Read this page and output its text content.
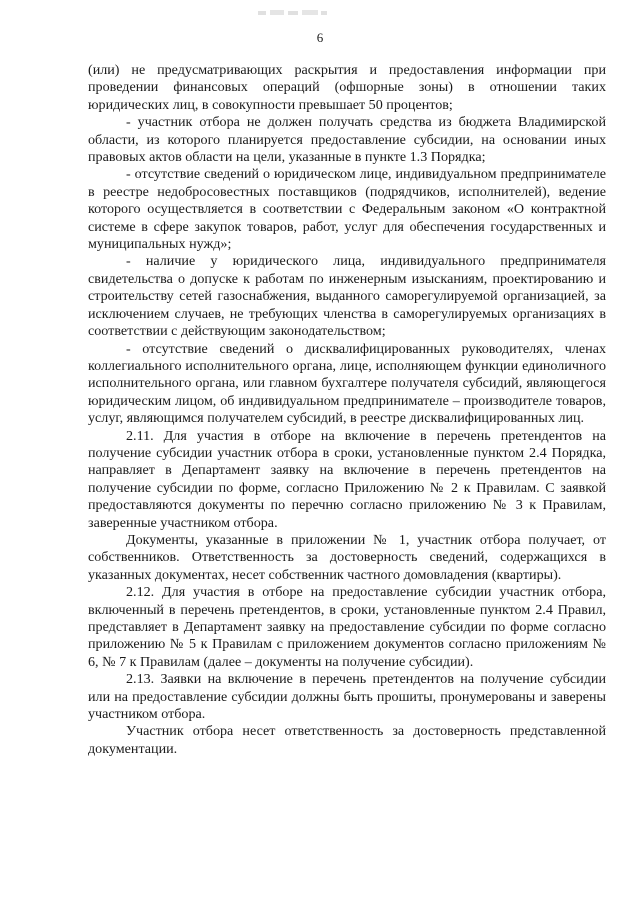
6

(или) не предусматривающих раскрытия и предоставления информации при проведении финансовых операций (офшорные зоны) в отношении таких юридических лиц, в совокупности превышает 50 процентов;

- участник отбора не должен получать средства из бюджета Владимирской области, из которого планируется предоставление субсидии, на основании иных правовых актов области на цели, указанные в пункте 1.3 Порядка;

- отсутствие сведений о юридическом лице, индивидуальном предпринимателе в реестре недобросовестных поставщиков (подрядчиков, исполнителей), ведение которого осуществляется в соответствии с Федеральным законом «О контрактной системе в сфере закупок товаров, работ, услуг для обеспечения государственных и муниципальных нужд»;

- наличие у юридического лица, индивидуального предпринимателя свидетельства о допуске к работам по инженерным изысканиям, проектированию и строительству сетей газоснабжения, выданного саморегулируемой организацией, за исключением случаев, не требующих членства в саморегулируемых организациях в соответствии с действующим законодательством;

- отсутствие сведений о дисквалифицированных руководителях, членах коллегиального исполнительного органа, лице, исполняющем функции единоличного исполнительного органа, или главном бухгалтере получателя субсидий, являющегося юридическим лицом, об индивидуальном предпринимателе – производителе товаров, услуг, являющимся получателем субсидий, в реестре дисквалифицированных лиц.

2.11. Для участия в отборе на включение в перечень претендентов на получение субсидии участник отбора в сроки, установленные пунктом 2.4 Порядка, направляет в Департамент заявку на включение в перечень претендентов на получение субсидии по форме, согласно Приложению № 2 к Правилам. С заявкой предоставляются документы по перечню согласно приложению № 3 к Правилам, заверенные участником отбора.

Документы, указанные в приложении № 1, участник отбора получает, от собственников. Ответственность за достоверность сведений, содержащихся в указанных документах, несет собственник частного домовладения (квартиры).

2.12. Для участия в отборе на предоставление субсидии участник отбора, включенный в перечень претендентов, в сроки, установленные пунктом 2.4 Правил, представляет в Департамент заявку на предоставление субсидии по форме согласно приложению № 5 к Правилам с приложением документов согласно приложениям № 6, № 7 к Правилам (далее – документы на получение субсидии).

2.13. Заявки на включение в перечень претендентов на получение субсидии или на предоставление субсидии должны быть прошиты, пронумерованы и заверены участником отбора.

Участник отбора несет ответственность за достоверность представленной документации.
